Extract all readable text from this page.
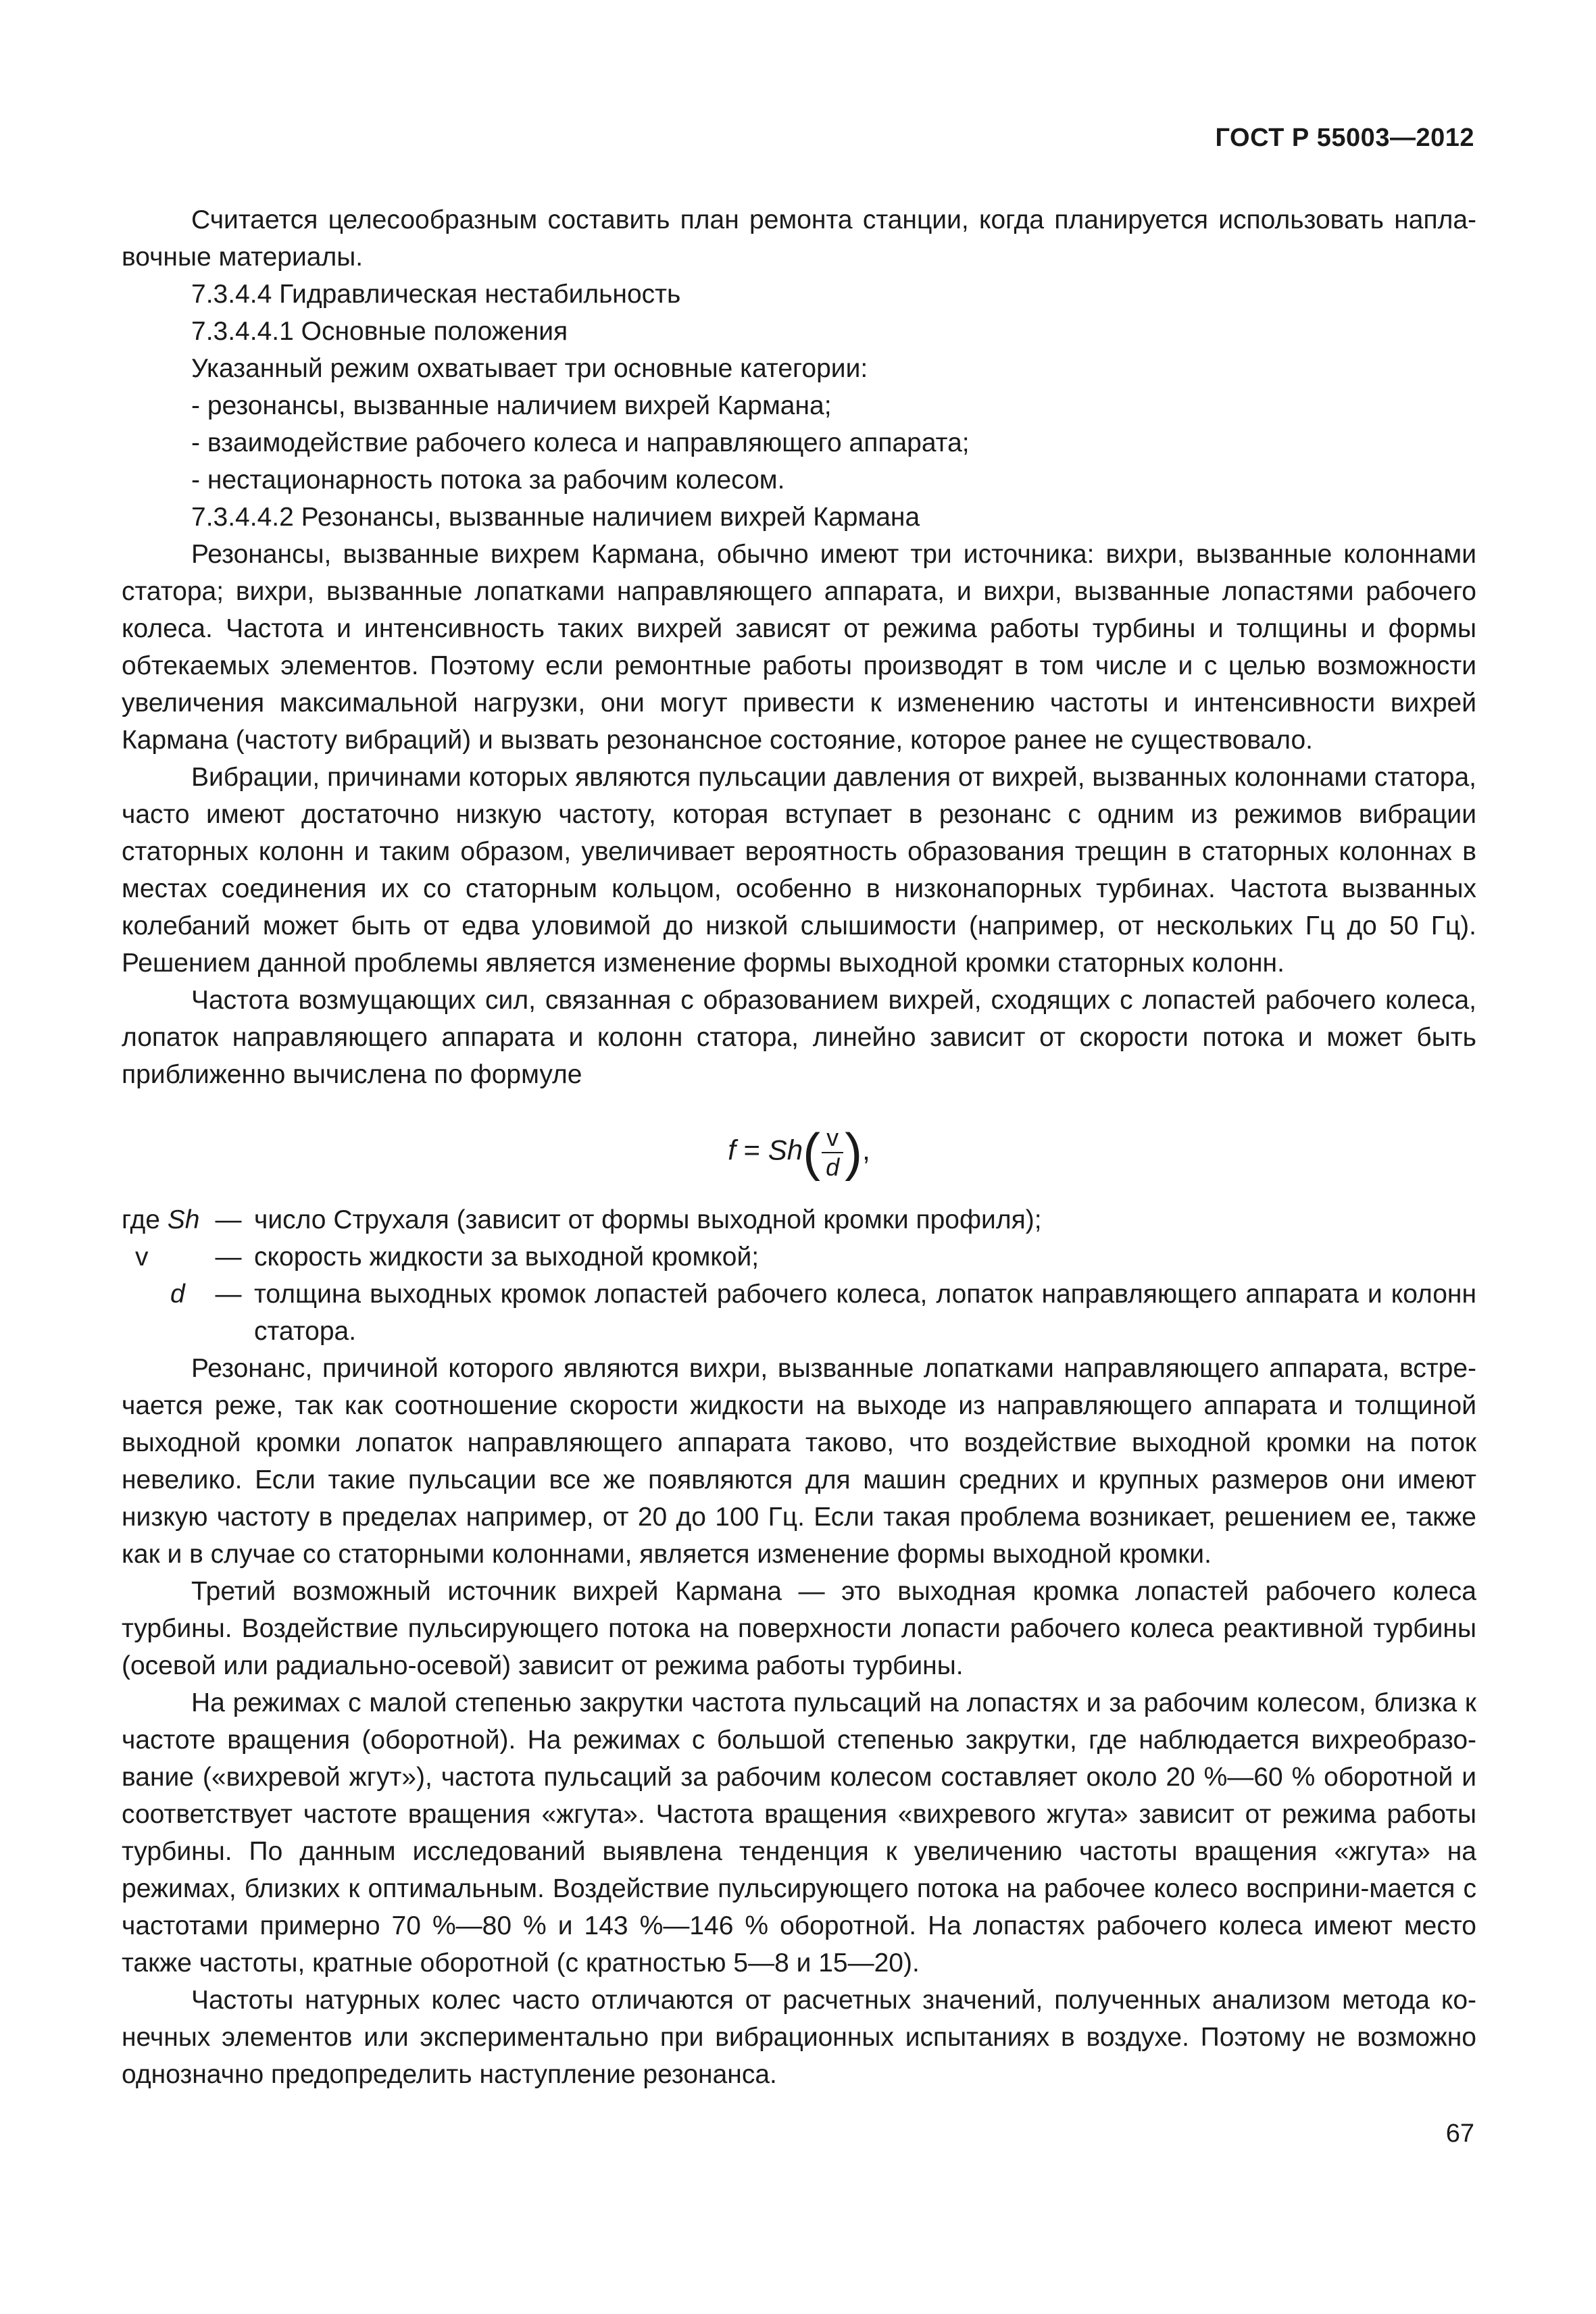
ГОСТ Р 55003—2012

Считается целесообразным составить план ремонта станции, когда планируется использовать напла-вочные материалы.

7.3.4.4 Гидравлическая нестабильность

7.3.4.4.1 Основные положения

Указанный режим охватывает три основные категории:

- резонансы, вызванные наличием вихрей Кармана;

- взаимодействие рабочего колеса и направляющего аппарата;

- нестационарность потока за рабочим колесом.

7.3.4.4.2 Резонансы, вызванные наличием вихрей Кармана

Резонансы, вызванные вихрем Кармана, обычно имеют три источника: вихри, вызванные колоннами статора; вихри, вызванные лопатками направляющего аппарата, и вихри, вызванные лопастями рабочего колеса. Частота и интенсивность таких вихрей зависят от режима работы турбины и толщины и формы обтекаемых элементов. Поэтому если ремонтные работы производят в том числе и с целью возможности увеличения максимальной нагрузки, они могут привести к изменению частоты и интенсивности вихрей Кармана (частоту вибраций) и вызвать резонансное состояние, которое ранее не существовало.

Вибрации, причинами которых являются пульсации давления от вихрей, вызванных колоннами статора, часто имеют достаточно низкую частоту, которая вступает в резонанс с одним из режимов вибрации статорных колонн и таким образом, увеличивает вероятность образования трещин в статорных колоннах в местах соединения их со статорным кольцом, особенно в низконапорных турбинах. Частота вызванных колебаний может быть от едва уловимой до низкой слышимости (например, от нескольких Гц до 50 Гц). Решением данной проблемы является изменение формы выходной кромки статорных колонн.

Частота возмущающих сил, связанная с образованием вихрей, сходящих с лопастей рабочего колеса, лопаток направляющего аппарата и колонн статора, линейно зависит от скорости потока и может быть приближенно вычислена по формуле

$f = Sh( \frac{v}{d}$ ),
где Sh — число Струхаля (зависит от формы выходной кромки профиля);
v	— скорость жидкости за выходной кромкой;
d	— толщина выходных кромок лопастей рабочего колеса, лопаток направляющего аппарата и колонн статора.

Резонанс, причиной которого являются вихри, вызванные лопатками направляющего аппарата, встре-чается реже, так как соотношение скорости жидкости на выходе из направляющего аппарата и толщиной выходной кромки лопаток направляющего аппарата таково, что воздействие выходной кромки на поток невелико. Если такие пульсации все же появляются для машин средних и крупных размеров они имеют низкую частоту в пределах например, от 20 до 100 Гц. Если такая проблема возникает, решением ее, также как и в случае со статорными колоннами, является изменение формы выходной кромки.

Третий возможный источник вихрей Кармана — это выходная кромка лопастей рабочего колеса турбины. Воздействие пульсирующего потока на поверхности лопасти рабочего колеса реактивной турбины (осевой или радиально-осевой) зависит от режима работы турбины.

На режимах с малой степенью закрутки частота пульсаций на лопастях и за рабочим колесом, близка к частоте вращения (оборотной). На режимах с большой степенью закрутки, где наблюдается вихреобразо-вание («вихревой жгут»), частота пульсаций за рабочим колесом составляет около 20 %—60 % оборотной и соответствует частоте вращения «жгута». Частота вращения «вихревого жгута» зависит от режима работы турбины. По данным исследований выявлена тенденция к увеличению частоты вращения «жгута» на режимах, близких к оптимальным. Воздействие пульсирующего потока на рабочее колесо восприни-мается с частотами примерно 70 %—80 % и 143 %—146 % оборотной. На лопастях рабочего колеса имеют место также частоты, кратные оборотной (с кратностью 5—8 и 15—20).

Частоты натурных колес часто отличаются от расчетных значений, полученных анализом метода ко-нечных элементов или экспериментально при вибрационных испытаниях в воздухе. Поэтому не возможно однозначно предопределить наступление резонанса.

67
